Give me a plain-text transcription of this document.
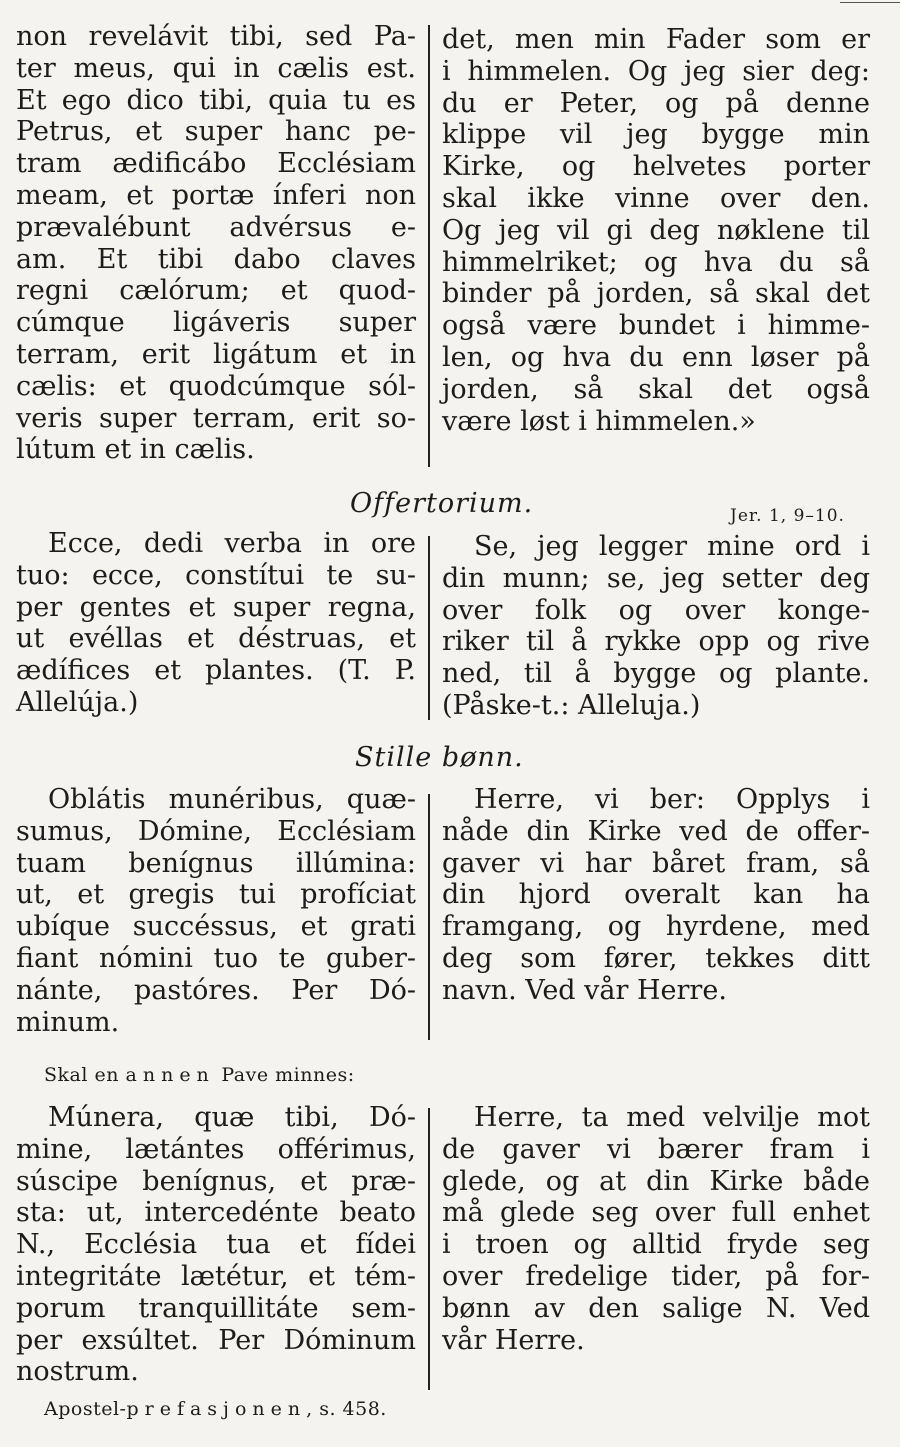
non revelávit tibi, sed Pa-
ter meus, qui in cælis est.
Et ego dico tibi, quia tu es
Petrus, et super hanc pe-
tram ædificábo Ecclésiam
meam, et portæ ínferi non
prævalébunt advérsus e-
am. Et tibi dabo claves
regni cælórum; et quod-
cúmque ligáveris super
terram, erit ligátum et in
cælis: et quodcúmque sól-
veris super terram, erit so-
lútum et in cælis.
det, men min Fader som er
i himmelen. Og jeg sier deg:
du er Peter, og på denne
klippe vil jeg bygge min
Kirke, og helvetes porter
skal ikke vinne over den.
Og jeg vil gi deg nøklene til
himmelriket; og hva du så
binder på jorden, så skal det
også være bundet i himme-
len, og hva du enn løser på
jorden, så skal det også
være løst i himmelen.»
Offertorium.	Jer. 1, 9–10.
Ecce, dedi verba in ore
tuo: ecce, constítui te su-
per gentes et super regna,
ut evéllas et déstruas, et
ædífices et plantes. (T. P.
Allelúja.)
Se, jeg legger mine ord i
din munn; se, jeg setter deg
over folk og over konge-
riker til å rykke opp og rive
ned, til å bygge og plante.
(Påske-t.: Alleluja.)
Stille bønn.
Oblátis munéribus, quæ-
sumus, Dómine, Ecclésiam
tuam benígnus illúmina:
ut, et gregis tui profíciat
ubíque succéssus, et grati
fiant nómini tuo te guber-
nánte, pastóres. Per Dó-
minum.
Herre, vi ber: Opplys i
nåde din Kirke ved de offer-
gaver vi har båret fram, så
din hjord overalt kan ha
framgang, og hyrdene, med
deg som fører, tekkes ditt
navn. Ved vår Herre.
Skal en annen Pave minnes:
Múnera, quæ tibi, Dó-
mine, lætántes offérimus,
súscipe benígnus, et præ-
sta: ut, intercedénte beato
N., Ecclésia tua et fídei
integritáte lætétur, et tém-
porum tranquillitáte sem-
per exsúltet. Per Dóminum
nostrum.
Herre, ta med velvilje mot
de gaver vi bærer fram i
glede, og at din Kirke både
må glede seg over full enhet
i troen og alltid fryde seg
over fredelige tider, på for-
bønn av den salige N. Ved
vår Herre.
Apostel-prefasjonen, s. 458.
